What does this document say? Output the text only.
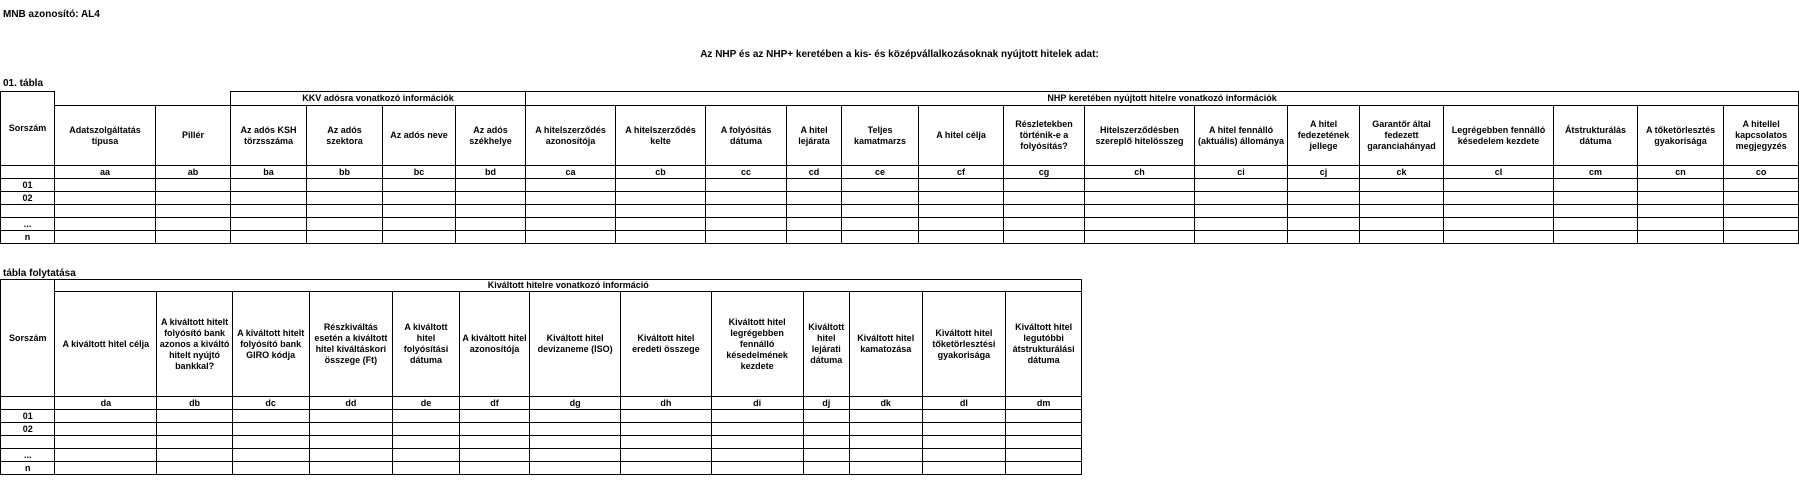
MNB azonosító: AL4
Az NHP és az NHP+ keretében a kis- és középvállalkozásoknak nyújtott hitelek adat:
01. tábla
tábla folytatása
Sorszám			KKV adósra vonatkozó információk				NHP keretében nyújtott hitelre vonatkozó információk														
	Adatszolgáltatás típusa	Pillér	Az adós KSH törzsszáma	Az adós szektora	Az adós neve	Az adós székhelye	A hitelszerződés azonosítója	A hitelszerződés kelte	A folyósítás dátuma	A hitel lejárata	Teljes kamatmarzs	A hitel célja	Részletekben történik-e a folyósítás?	Hitelszerződésben szereplő hitelösszeg	A hitel fennálló (aktuális) állománya	A hitel fedezetének jellege	Garantőr által fedezett garanciahányad	Legrégebben fennálló késedelem kezdete	Átstrukturálás dátuma	A tőketörlesztés gyakorisága	A hitellel kapcsolatos megjegyzés
	aa	ab	ba	bb	bc	bd	ca	cb	cc	cd	ce	cf	cg	ch	ci	cj	ck	cl	cm	cn	co
01																					
02																					

...																					
n																					
Sorszám	Kiváltott hitelre vonatkozó információ												
	A kiváltott hitel célja	A kiváltott hitelt folyósító bank azonos a kiváltó hitelt nyújtó bankkal?	A kiváltott hitelt folyósító bank GIRO kódja	Részkiváltás esetén a kiváltott hitel kiváltáskori összege (Ft)	A kiváltott hitel folyósítási dátuma	A kiváltott hitel azonosítója	Kiváltott hitel devizaneme (ISO)	Kiváltott hitel eredeti összege	Kiváltott hitel legrégebben fennálló késedelmének kezdete	Kiváltott hitel lejárati dátuma	Kiváltott hitel kamatozása	Kiváltott hitel tőketörlesztési gyakorisága	Kiváltott hitel legutóbbi átstrukturálási dátuma
	da	db	dc	dd	de	df	dg	dh	di	dj	dk	dl	dm
01													
02													

...													
n													
